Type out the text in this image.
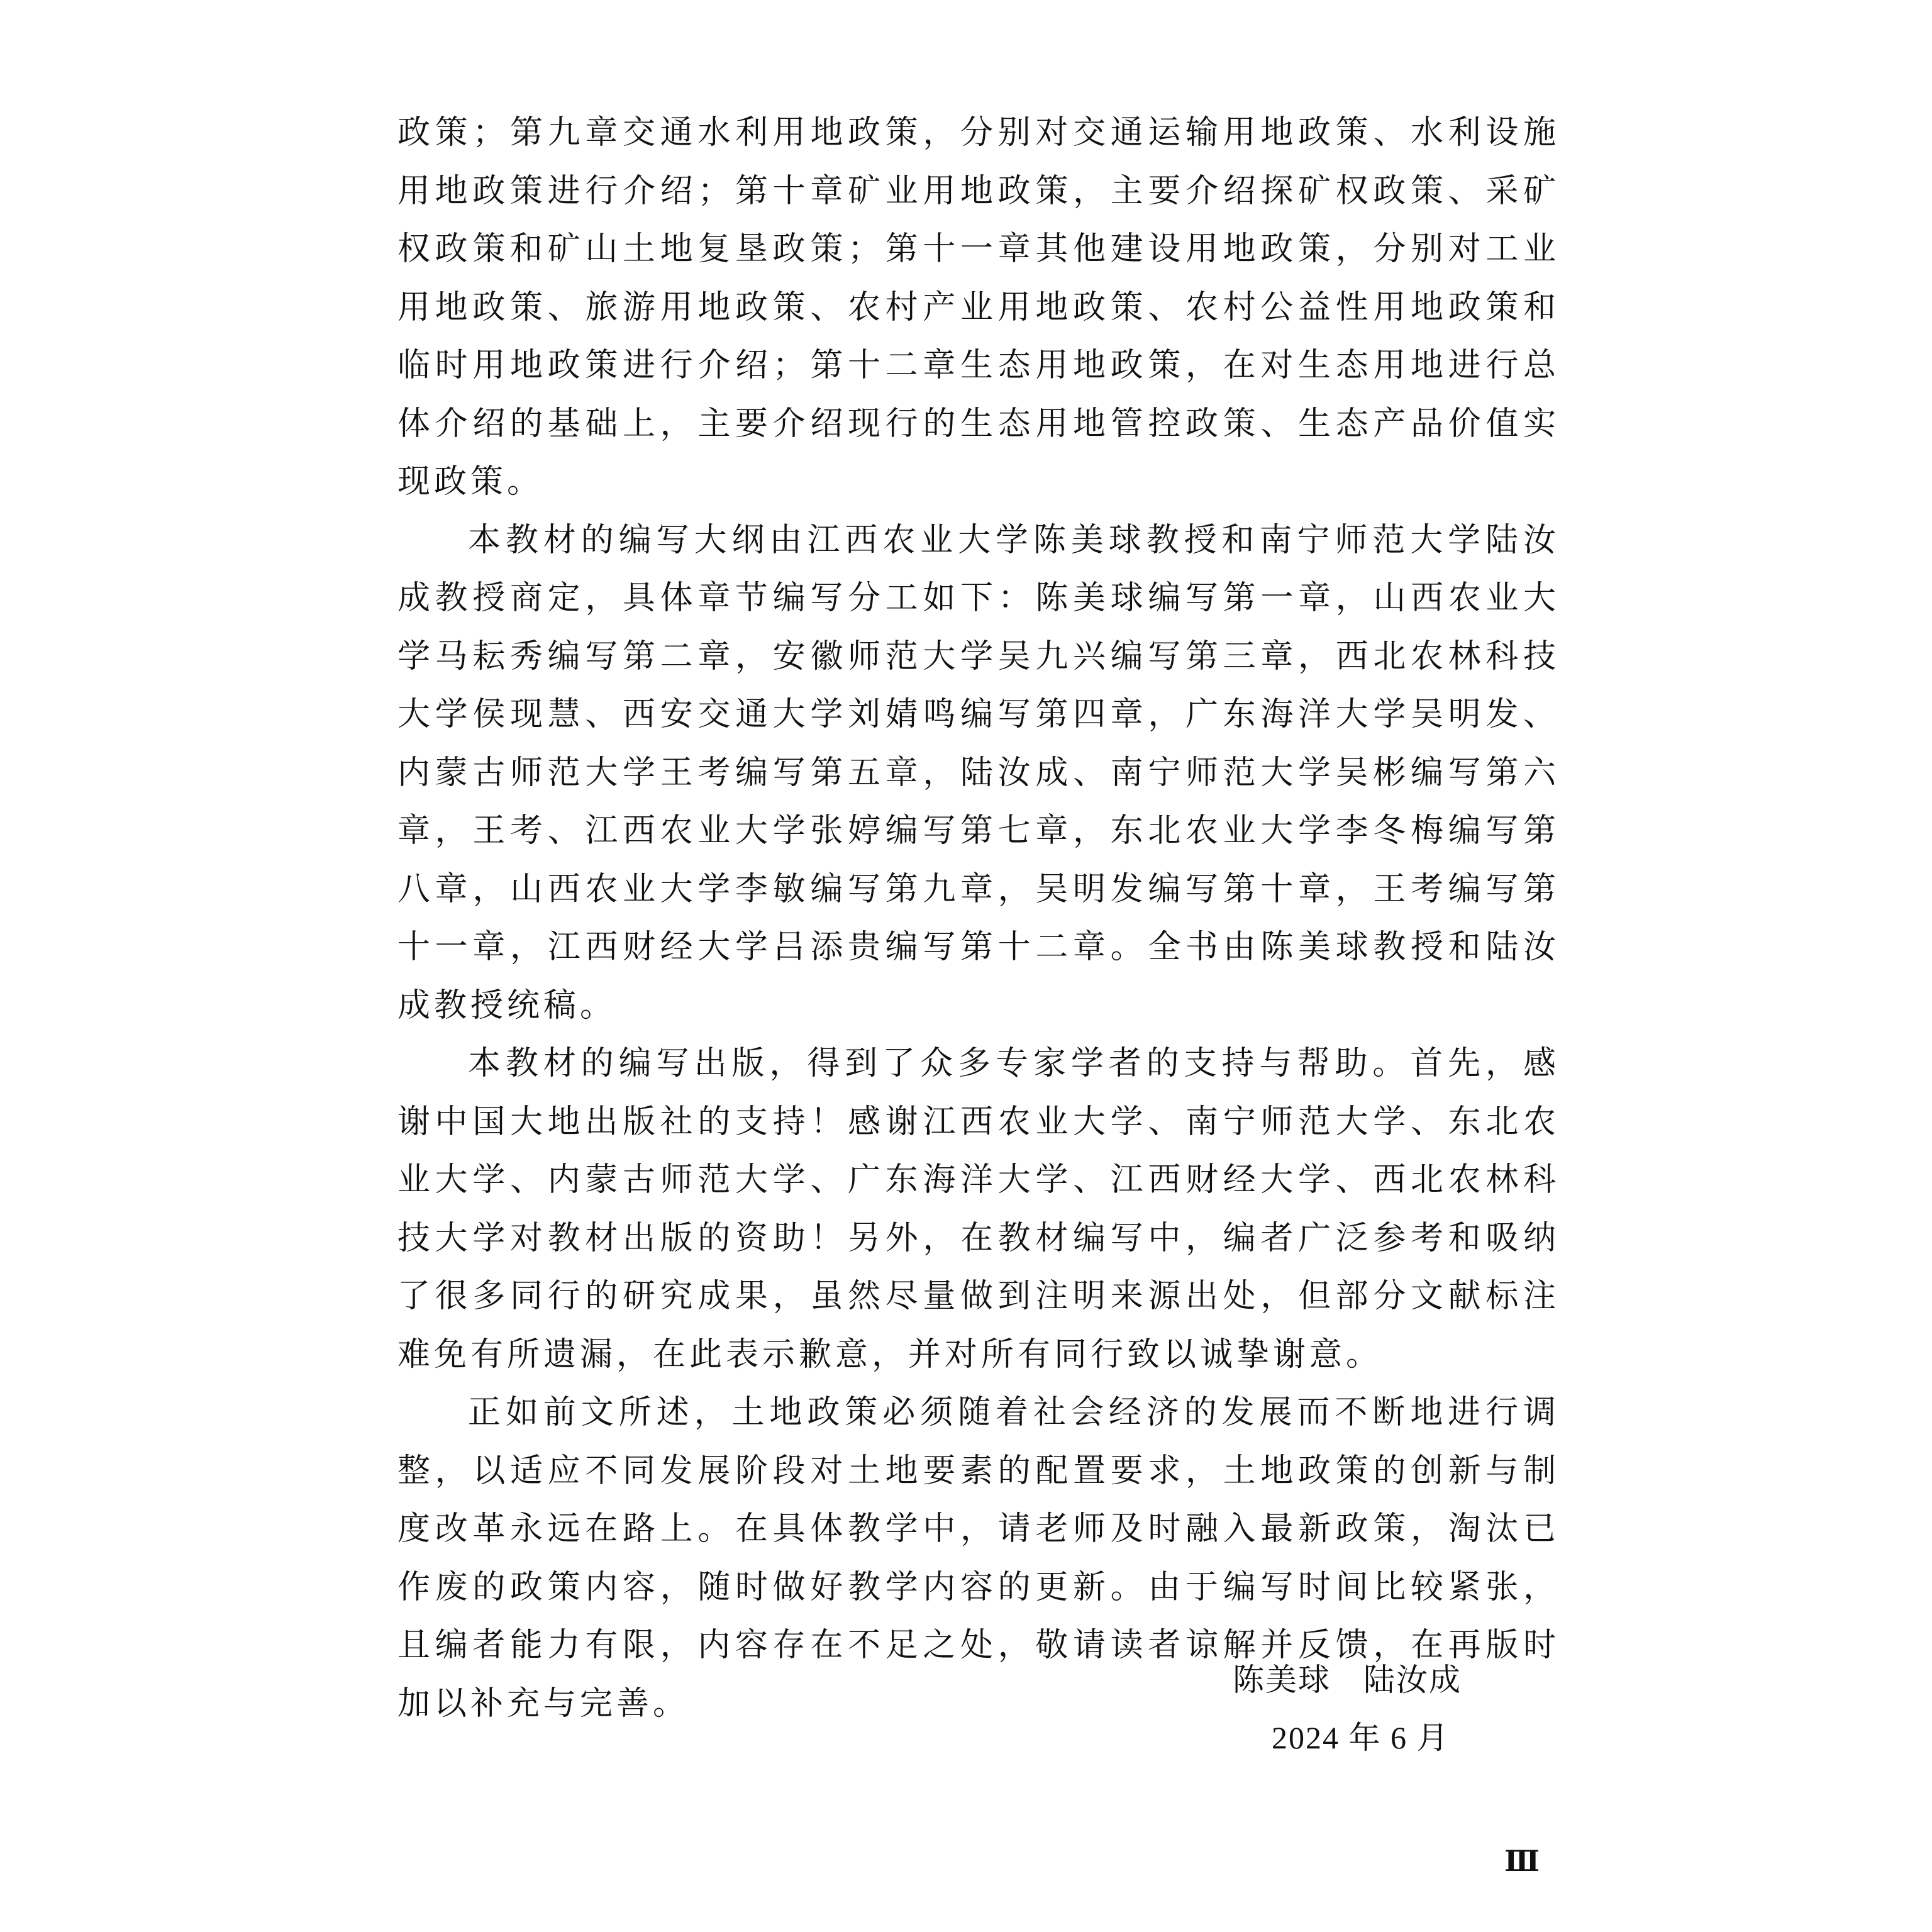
政策；第九章交通水利用地政策，分别对交通运输用地政策、水利设施用地政策进行介绍；第十章矿业用地政策，主要介绍探矿权政策、采矿权政策和矿山土地复垦政策；第十一章其他建设用地政策，分别对工业用地政策、旅游用地政策、农村产业用地政策、农村公益性用地政策和临时用地政策进行介绍；第十二章生态用地政策，在对生态用地进行总体介绍的基础上，主要介绍现行的生态用地管控政策、生态产品价值实现政策。

本教材的编写大纲由江西农业大学陈美球教授和南宁师范大学陆汝成教授商定，具体章节编写分工如下：陈美球编写第一章，山西农业大学马耘秀编写第二章，安徽师范大学吴九兴编写第三章，西北农林科技大学侯现慧、西安交通大学刘婧鸣编写第四章，广东海洋大学吴明发、内蒙古师范大学王考编写第五章，陆汝成、南宁师范大学吴彬编写第六章，王考、江西农业大学张婷编写第七章，东北农业大学李冬梅编写第八章，山西农业大学李敏编写第九章，吴明发编写第十章，王考编写第十一章，江西财经大学吕添贵编写第十二章。全书由陈美球教授和陆汝成教授统稿。

本教材的编写出版，得到了众多专家学者的支持与帮助。首先，感谢中国大地出版社的支持！感谢江西农业大学、南宁师范大学、东北农业大学、内蒙古师范大学、广东海洋大学、江西财经大学、西北农林科技大学对教材出版的资助！另外，在教材编写中，编者广泛参考和吸纳了很多同行的研究成果，虽然尽量做到注明来源出处，但部分文献标注难免有所遗漏，在此表示歉意，并对所有同行致以诚挚谢意。

正如前文所述，土地政策必须随着社会经济的发展而不断地进行调整，以适应不同发展阶段对土地要素的配置要求，土地政策的创新与制度改革永远在路上。在具体教学中，请老师及时融入最新政策，淘汰已作废的政策内容，随时做好教学内容的更新。由于编写时间比较紧张，且编者能力有限，内容存在不足之处，敬请读者谅解并反馈，在再版时加以补充与完善。

陈美球　陆汝成
2024 年 6 月
Ⅲ
